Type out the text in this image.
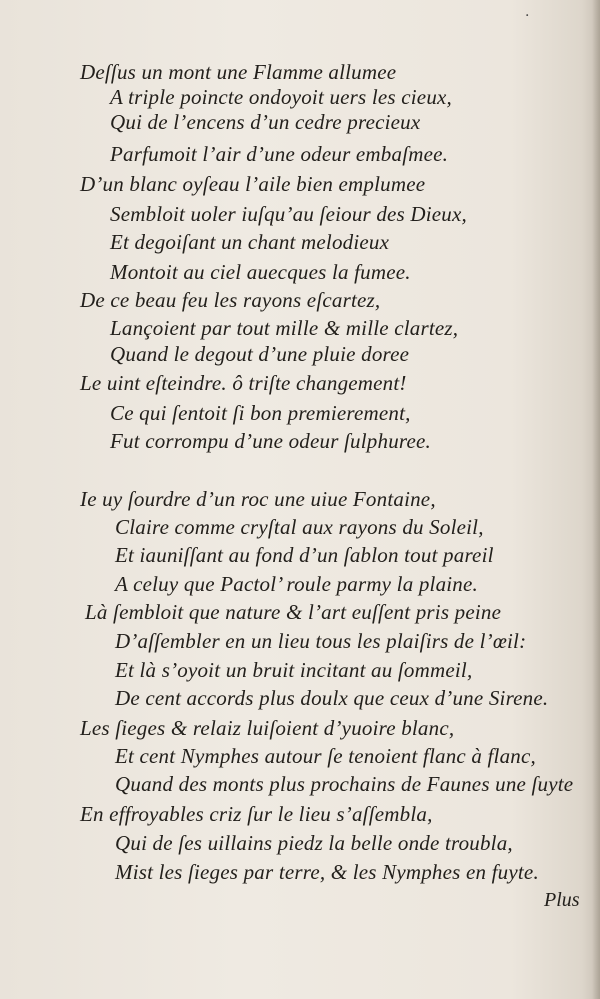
·
Deſſus un mont une Flamme allumee
A triple poincte ondoyoit uers les cieux,
Qui de l’encens d’un cedre precieux
Parfumoit l’air d’une odeur embaſmee.
D’un blanc oyſeau l’aile bien emplumee
Sembloit uoler iuſqu’au ſeiour des Dieux,
Et degoiſant un chant melodieux
Montoit au ciel auecques la fumee.
De ce beau feu les rayons eſcartez,
Lançoient par tout mille & mille clartez,
Quand le degout d’une pluie doree
Le uint eſteindre. ô triſte changement!
Ce qui ſentoit ſi bon premierement,
Fut corrompu d’une odeur ſulphuree.
Ie uy ſourdre d’un roc une uiue Fontaine,
Claire comme cryſtal aux rayons du Soleil,
Et iauniſſant au fond d’un ſablon tout pareil
A celuy que Pactol’ roule parmy la plaine.
Là ſembloit que nature & l’art euſſent pris peine
D’aſſembler en un lieu tous les plaiſirs de l’œil:
Et là s’oyoit un bruit incitant au ſommeil,
De cent accords plus doulx que ceux d’une Sirene.
Les ſieges & relaiz luiſoient d’yuoire blanc,
Et cent Nymphes autour ſe tenoient flanc à flanc,
Quand des monts plus prochains de Faunes une ſuyte
En effroyables criz ſur le lieu s’aſſembla,
Qui de ſes uillains piedz la belle onde troubla,
Mist les ſieges par terre, & les Nymphes en fuyte.
Plus
